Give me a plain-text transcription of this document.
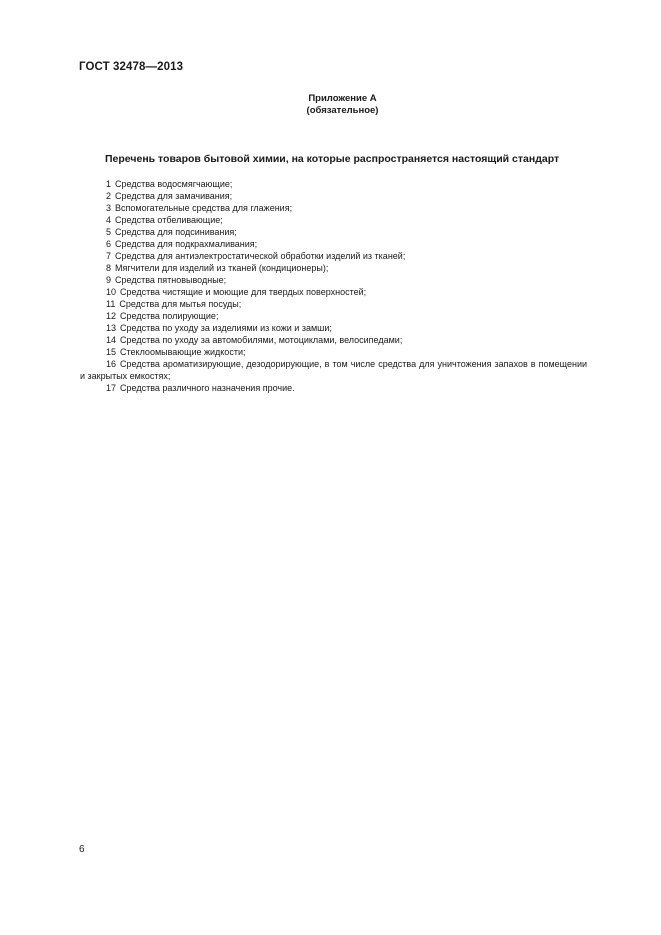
ГОСТ 32478—2013
Приложение А
(обязательное)
Перечень товаров бытовой химии, на которые распространяется настоящий стандарт
1 Средства водосмягчающие;
2 Средства для замачивания;
3 Вспомогательные средства для глажения;
4 Средства отбеливающие;
5 Средства для подсинивания;
6 Средства для подкрахмаливания;
7 Средства для антиэлектростатической обработки изделий из тканей;
8 Мягчители для изделий из тканей (кондиционеры);
9 Средства пятновыводные;
10 Средства чистящие и моющие для твердых поверхностей;
11 Средства для мытья посуды;
12 Средства полирующие;
13 Средства по уходу за изделиями из кожи и замши;
14 Средства по уходу за автомобилями, мотоциклами, велосипедами;
15 Стеклоомывающие жидкости;
16 Средства ароматизирующие, дезодорирующие, в том числе средства для уничтожения запахов в помещении и закрытых емкостях;
17 Средства различного назначения прочие.
6
